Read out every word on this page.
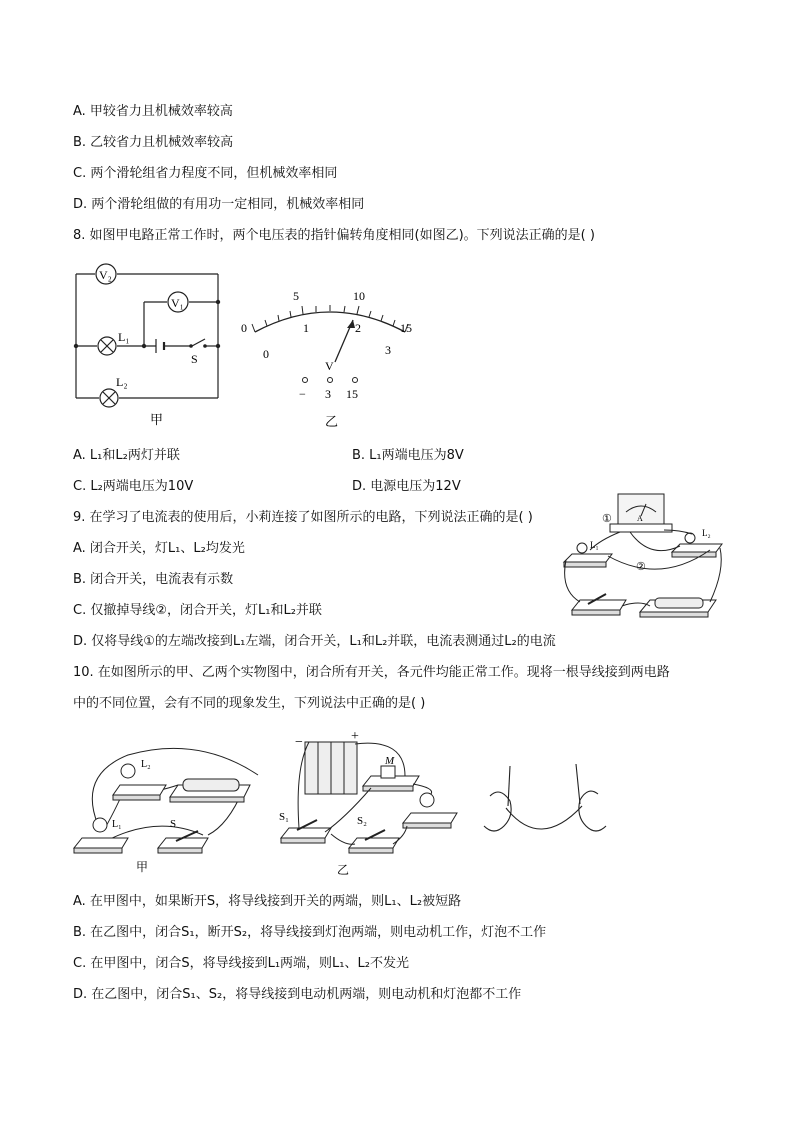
A. 甲较省力且机械效率较高
B. 乙较省力且机械效率较高
C. 两个滑轮组省力程度不同，但机械效率相同
D. 两个滑轮组做的有用功一定相同，机械效率相同
8. 如图甲电路正常工作时，两个电压表的指针偏转角度相同(如图乙)。下列说法正确的是( )
V₂
V₁
L₁
L₂
S
甲
0
5	10
15
0
1	2
3
V
− 3 15
乙
A. L₁和L₂两灯并联	B. L₁两端电压为8V
C. L₂两端电压为10V	D. 电源电压为12V
9. 在学习了电流表的使用后，小莉连接了如图所示的电路，下列说法正确的是( )	A
L₁
L₂
①
②
A. 闭合开关，灯L₁、L₂均发光
B. 闭合开关，电流表有示数
C. 仅撤掉导线②，闭合开关，灯L₁和L₂并联
D. 仅将导线①的左端改接到L₁左端，闭合开关，L₁和L₂并联，电流表测通过L₂的电流
10. 在如图所示的甲、乙两个实物图中，闭合所有开关，各元件均能正常工作。现将一根导线接到两电路
中的不同位置，会有不同的现象发生，下列说法中正确的是( )
L₂
L₁	S
甲
−	+
M
S₁	S₂
乙
A. 在甲图中，如果断开S，将导线接到开关的两端，则L₁、L₂被短路
B. 在乙图中，闭合S₁，断开S₂，将导线接到灯泡两端，则电动机工作，灯泡不工作
C. 在甲图中，闭合S，将导线接到L₁两端，则L₁、L₂不发光
D. 在乙图中，闭合S₁、S₂，将导线接到电动机两端，则电动机和灯泡都不工作
